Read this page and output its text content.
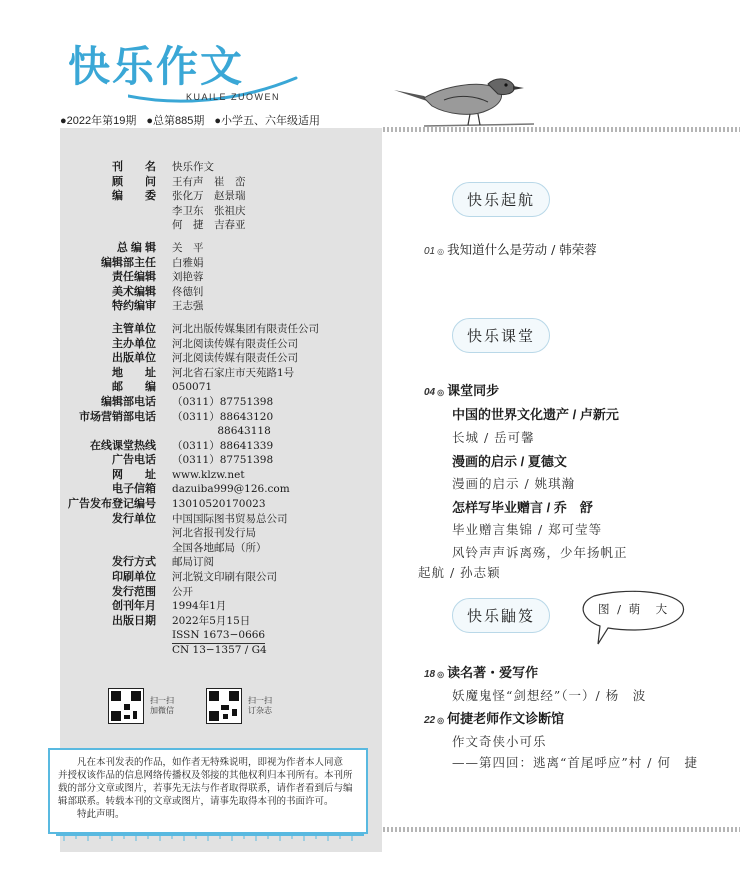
快乐作文
KUAILE ZUOWEN
●2022年第19期 ●总第885期 ●小学五、六年级适用
刊　　名	快乐作文
顾　　问	王有声　崔　峦
编　　委	张化万　赵景瑞
李卫东　张祖庆
何　捷　吉春亚
总 编 辑	关　平
编辑部主任	白雅娟
责任编辑	刘艳蓉
美术编辑	佟德钊
特约编审	王志强
主管单位	河北出版传媒集团有限责任公司
主办单位	河北阅读传媒有限责任公司
出版单位	河北阅读传媒有限责任公司
地　　址	河北省石家庄市天苑路1号
邮　　编	050071
编辑部电话	（0311）87751398
市场营销部电话	（0311）88643120
　　　　 88643118
在线课堂热线	（0311）88641339
广告电话	（0311）87751398
网　　址	www.klzw.net
电子信箱	dazuiba999@126.com
广告发布登记编号	13010520170023
发行单位	中国国际图书贸易总公司
河北省报刊发行局
全国各地邮局（所）
发行方式	邮局订阅
印刷单位	河北锐文印刷有限公司
发行范围	公开
创刊年月	1994年1月
出版日期	2022年5月15日
ISSN 1673−0666
CN 13−1357 / G4
扫一扫
加微信
扫一扫
订杂志
凡在本刊发表的作品，如作者无特殊说明，即视为作者本人同意
并授权该作品的信息网络传播权及邻接的其他权利归本刊所有。本刊所
载的部分文章或图片，若事先无法与作者取得联系，请作者看到后与编
辑部联系。转载本刊的文章或图片，请事先取得本刊的书面许可。
特此声明。
快乐起航
01 ◎ 我知道什么是劳动 / 韩荣蓉
快乐课堂
04 ◎ 课堂同步
中国的世界文化遗产 / 卢新元
长城 / 岳可馨
漫画的启示 / 夏德文
漫画的启示 / 姚琪瀚
怎样写毕业赠言 / 乔　舒
毕业赠言集锦 / 郑可莹等
风铃声声诉离殇，少年扬帆正
起航 / 孙志颖
快乐鼬笈	图 / 萌　大
18 ◎ 读名著・爱写作
妖魔鬼怪“剑想经”（一）/ 杨　波
22 ◎ 何捷老师作文诊断馆
作文奇侠小可乐
——第四回：逃离“首尾呼应”村 / 何　捷
